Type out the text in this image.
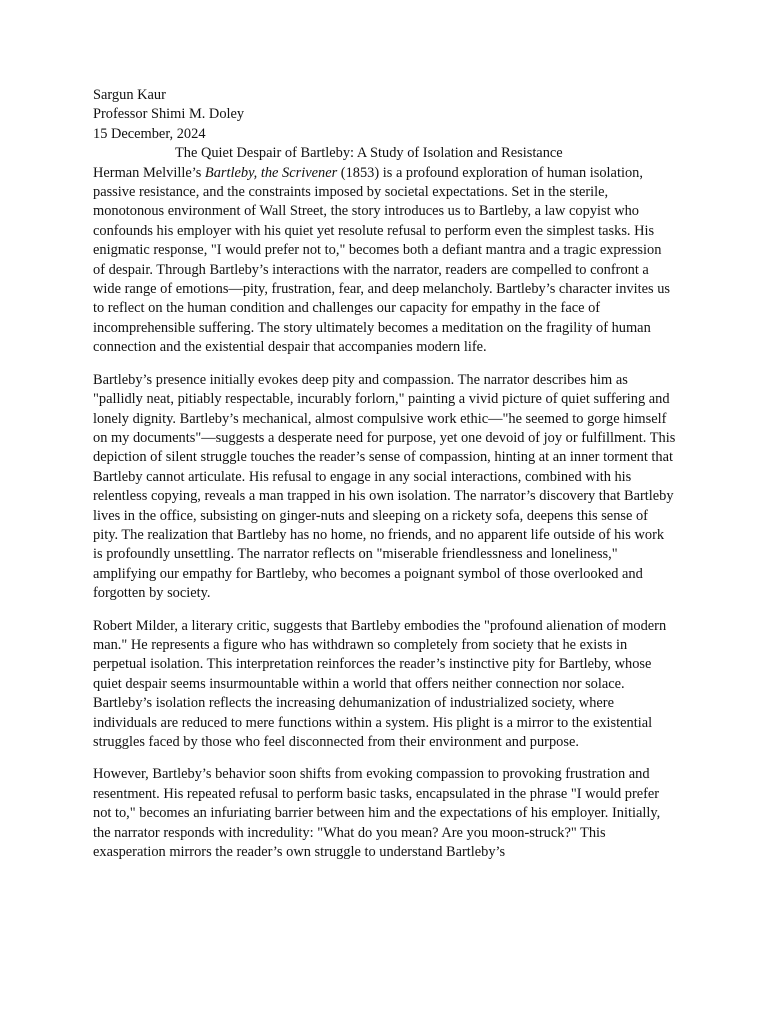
Sargun Kaur
Professor Shimi M. Doley
15 December, 2024
The Quiet Despair of Bartleby: A Study of Isolation and Resistance

Herman Melville’s Bartleby, the Scrivener (1853) is a profound exploration of human isolation, passive resistance, and the constraints imposed by societal expectations. Set in the sterile, monotonous environment of Wall Street, the story introduces us to Bartleby, a law copyist who confounds his employer with his quiet yet resolute refusal to perform even the simplest tasks. His enigmatic response, "I would prefer not to," becomes both a defiant mantra and a tragic expression of despair. Through Bartleby’s interactions with the narrator, readers are compelled to confront a wide range of emotions—pity, frustration, fear, and deep melancholy. Bartleby’s character invites us to reflect on the human condition and challenges our capacity for empathy in the face of incomprehensible suffering. The story ultimately becomes a meditation on the fragility of human connection and the existential despair that accompanies modern life.

Bartleby’s presence initially evokes deep pity and compassion. The narrator describes him as "pallidly neat, pitiably respectable, incurably forlorn," painting a vivid picture of quiet suffering and lonely dignity. Bartleby’s mechanical, almost compulsive work ethic—"he seemed to gorge himself on my documents"—suggests a desperate need for purpose, yet one devoid of joy or fulfillment. This depiction of silent struggle touches the reader’s sense of compassion, hinting at an inner torment that Bartleby cannot articulate. His refusal to engage in any social interactions, combined with his relentless copying, reveals a man trapped in his own isolation. The narrator’s discovery that Bartleby lives in the office, subsisting on ginger-nuts and sleeping on a rickety sofa, deepens this sense of pity. The realization that Bartleby has no home, no friends, and no apparent life outside of his work is profoundly unsettling. The narrator reflects on "miserable friendlessness and loneliness," amplifying our empathy for Bartleby, who becomes a poignant symbol of those overlooked and forgotten by society.

Robert Milder, a literary critic, suggests that Bartleby embodies the "profound alienation of modern man." He represents a figure who has withdrawn so completely from society that he exists in perpetual isolation. This interpretation reinforces the reader’s instinctive pity for Bartleby, whose quiet despair seems insurmountable within a world that offers neither connection nor solace. Bartleby’s isolation reflects the increasing dehumanization of industrialized society, where individuals are reduced to mere functions within a system. His plight is a mirror to the existential struggles faced by those who feel disconnected from their environment and purpose.

However, Bartleby’s behavior soon shifts from evoking compassion to provoking frustration and resentment. His repeated refusal to perform basic tasks, encapsulated in the phrase "I would prefer not to," becomes an infuriating barrier between him and the expectations of his employer. Initially, the narrator responds with incredulity: "What do you mean? Are you moon-struck?" This exasperation mirrors the reader’s own struggle to understand Bartleby’s
